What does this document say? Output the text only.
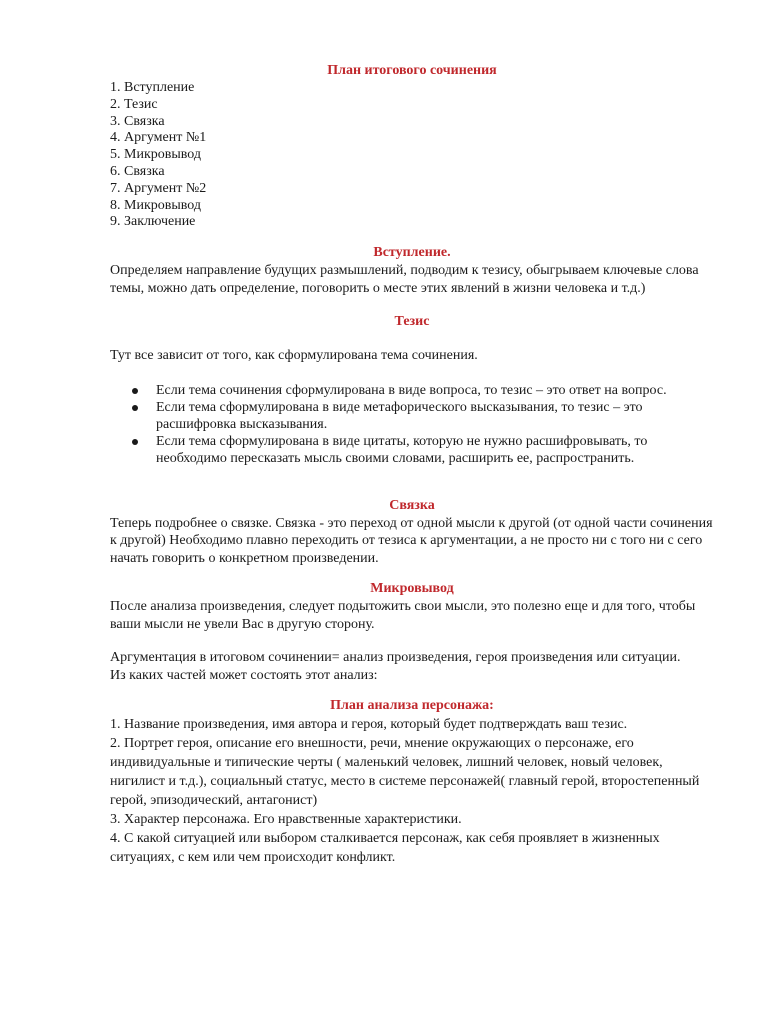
План итогового сочинения
1. Вступление
2. Тезис
3. Связка
4. Аргумент №1
5. Микровывод
6. Связка
7. Аргумент №2
8. Микровывод
9. Заключение
Вступление.

Определяем направление будущих размышлений, подводим к тезису, обыгрываем ключевые слова темы, можно дать определение, поговорить о месте этих явлений в жизни человека и т.д.)

Тезис

Тут все зависит от того, как сформулирована тема сочинения.

Если тема сочинения сформулирована в виде вопроса, то тезис – это ответ на вопрос.
Если тема сформулирована в виде метафорического высказывания, то тезис – это расшифровка высказывания.
Если тема сформулирована в виде цитаты, которую не нужно расшифровывать, то необходимо пересказать мысль своими словами, расширить ее, распространить.
Связка

Теперь подробнее о связке. Связка - это переход от одной мысли к другой (от одной части сочинения к другой) Необходимо плавно переходить от тезиса к аргументации, а не просто ни с того ни с сего начать говорить о конкретном произведении.

Микровывод

После анализа произведения, следует подытожить свои мысли, это полезно еще и для того, чтобы ваши мысли не увели Вас в другую сторону.

Аргументация в итоговом сочинении= анализ произведения, героя произведения или ситуации.

Из каких частей может состоять этот анализ:

План анализа персонажа:
1. Название произведения, имя автора и героя, который будет подтверждать ваш тезис.
2. Портрет героя, описание его внешности, речи, мнение окружающих о персонаже, его индивидуальные и типические черты ( маленький человек, лишний человек, новый человек, нигилист и т.д.), социальный статус, место в системе персонажей( главный герой, второстепенный герой, эпизодический, антагонист)
3. Характер персонажа. Его нравственные характеристики.
4. С какой ситуацией или выбором сталкивается персонаж, как себя проявляет в жизненных ситуациях, с кем или чем происходит конфликт.
